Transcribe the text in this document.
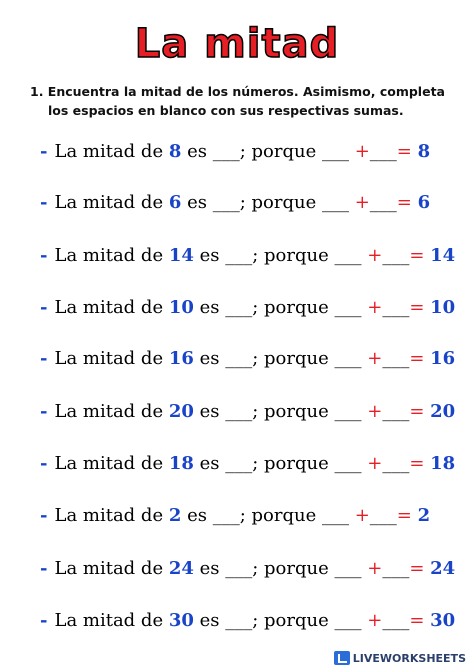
La mitad
1. Encuentra la mitad de los números. Asimismo, completa
los espacios en blanco con sus respectivas sumas.
- La mitad de 8 es ___; porque ___ +___= 8
- La mitad de 6 es ___; porque ___ +___= 6
- La mitad de 14 es ___; porque ___ +___= 14
- La mitad de 10 es ___; porque ___ +___= 10
- La mitad de 16 es ___; porque ___ +___= 16
- La mitad de 20 es ___; porque ___ +___= 20
- La mitad de 18 es ___; porque ___ +___= 18
- La mitad de 2 es ___; porque ___ +___= 2
- La mitad de 24 es ___; porque ___ +___= 24
- La mitad de 30 es ___; porque ___ +___= 30
LIVEWORKSHEETS
